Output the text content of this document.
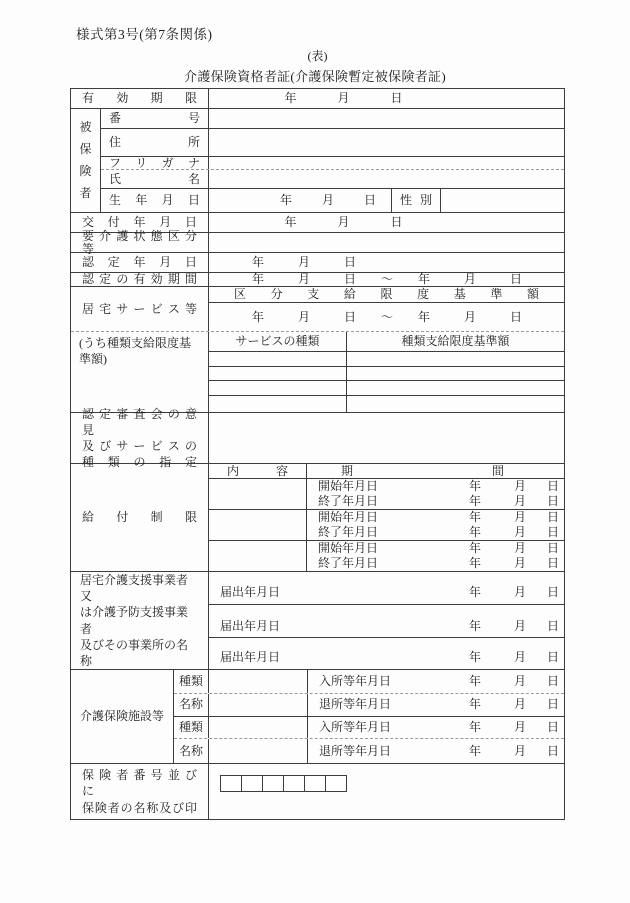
様式第3号(第7条関係)
(表)
介護保険資格者証(介護保険暫定被保険者証)
有 効 期 限	年	月	日
被
保
険
者
番 号
住 所
フ リ ガ ナ
氏 名
生 年 月 日	年	月	日	性 別
交 付 年 月 日	年	月	日
要 介 護 状 態 区 分 等
認 定 年 月 日	年	月	日
認 定 の 有 効 期 間	年	月	日	～	年	月	日
居 宅 サ ー ビ ス 等
区 分 支 給 限 度 基 準 額
年	月	日	～	年	月	日
(うち種類支給限度基
準額)
サービスの種類	種類支給限度基準額
認 定 審 査 会 の 意 見
及 び サ ー ビ ス の
種 類 の 指 定
給 付 制 限
内 容	期	間
開始年月日	年	月	日
終了年月日	年	月	日
開始年月日	年	月	日
終了年月日	年	月	日
開始年月日	年	月	日
終了年月日	年	月	日
居宅介護支援事業者又
は介護予防支援事業者
及びその事業所の名称
届出年月日	年	月	日
届出年月日	年	月	日
届出年月日	年	月	日
介護保険施設等
種類	入所等年月日	年	月	日
名称	退所等年月日	年	月	日
種類	入所等年月日	年	月	日
名称	退所等年月日	年	月	日
保 険 者 番 号 並 び に
保険者の名称及び印
